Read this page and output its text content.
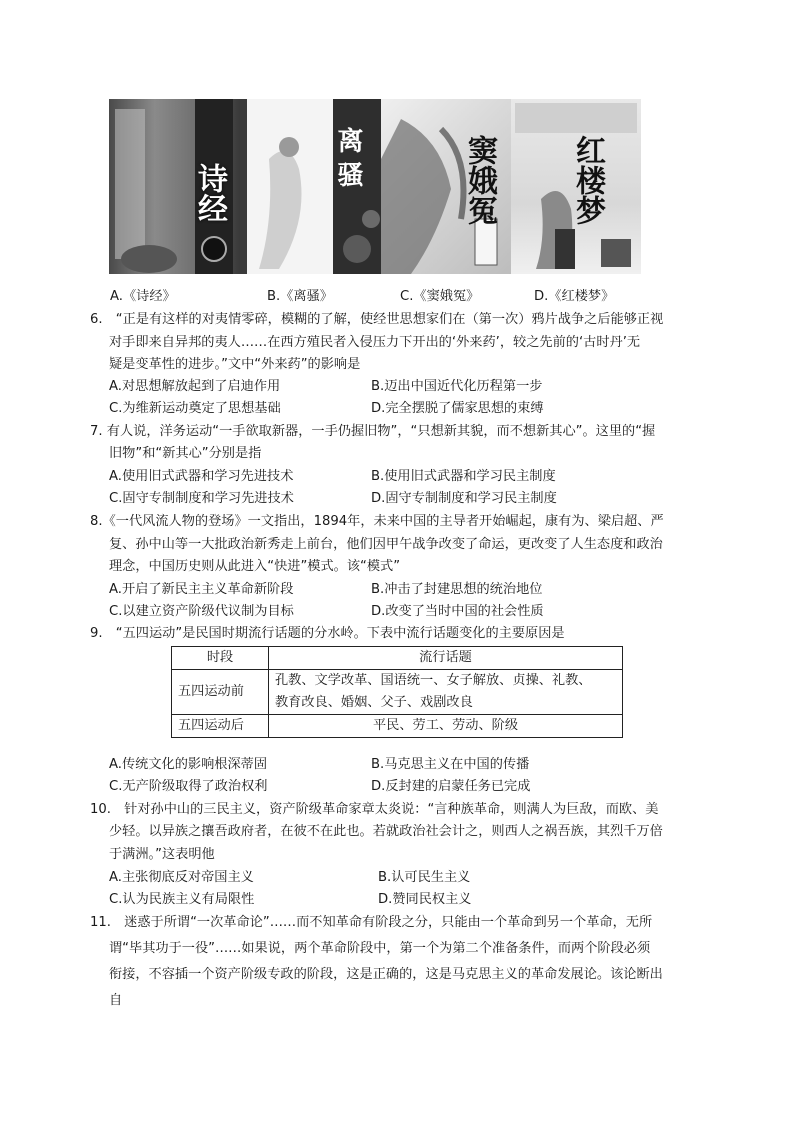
诗经	离骚	窦娥冤 红楼梦
A.《诗经》	B.《离骚》	C.《窦娥冤》	D.《红楼梦》
6.　“正是有这样的对夷情零碎，模糊的了解，使经世思想家们在（第一次）鸦片战争之后能够正视
对手即来自异邦的夷人……在西方殖民者入侵压力下开出的‘外来药’，较之先前的‘古时丹’无
疑是变革性的进步。”文中“外来药”的影响是
A.对思想解放起到了启迪作用	B.迈出中国近代化历程第一步
C.为维新运动奠定了思想基础	D.完全摆脱了儒家思想的束缚
7. 有人说，洋务运动“一手欲取新器，一手仍握旧物”，“只想新其貌，而不想新其心”。这里的“握
旧物”和“新其心”分别是指
A.使用旧式武器和学习先进技术	B.使用旧式武器和学习民主制度
C.固守专制制度和学习先进技术	D.固守专制制度和学习民主制度
8.《一代风流人物的登场》一文指出，1894年，未来中国的主导者开始崛起，康有为、梁启超、严
复、孙中山等一大批政治新秀走上前台，他们因甲午战争改变了命运，更改变了人生态度和政治
理念，中国历史则从此进入“快进”模式。该“模式”
A.开启了新民主主义革命新阶段	B.冲击了封建思想的统治地位
C.以建立资产阶级代议制为目标	D.改变了当时中国的社会性质
9.　“五四运动”是民国时期流行话题的分水岭。下表中流行话题变化的主要原因是
时段	流行话题
五四运动前	孔教、文学改革、国语统一、女子解放、贞操、礼教、
教育改良、婚姻、父子、戏剧改良

五四运动后	平民、劳工、劳动、阶级
A.传统文化的影响根深蒂固	B.马克思主义在中国的传播
C.无产阶级取得了政治权利	D.反封建的启蒙任务已完成
10.　针对孙中山的三民主义，资产阶级革命家章太炎说：“言种族革命，则满人为巨敌，而欧、美
少轻。以异族之攘吾政府者，在彼不在此也。若就政治社会计之，则西人之祸吾族，其烈千万倍
于满洲。”这表明他
A.主张彻底反对帝国主义	B.认可民生主义
C.认为民族主义有局限性	D.赞同民权主义
11.　迷惑于所谓“一次革命论”……而不知革命有阶段之分，只能由一个革命到另一个革命，无所
谓“毕其功于一役”……如果说，两个革命阶段中，第一个为第二个准备条件，而两个阶段必须
衔接，不容插一个资产阶级专政的阶段，这是正确的，这是马克思主义的革命发展论。该论断出
自
